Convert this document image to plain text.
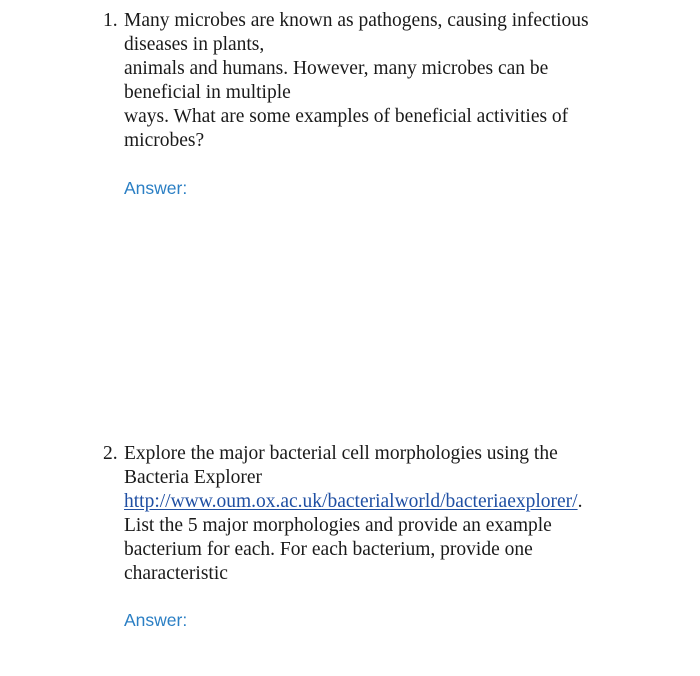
1. Many microbes are known as pathogens, causing infectious
diseases in plants,
animals and humans. However, many microbes can be
beneficial in multiple
ways. What are some examples of beneficial activities of
microbes?
Answer:
2. Explore the major bacterial cell morphologies using the
Bacteria Explorer
http://www.oum.ox.ac.uk/bacterialworld/bacteriaexplorer/.
List the 5 major morphologies and provide an example
bacterium for each. For each bacterium, provide one
characteristic
Answer:
